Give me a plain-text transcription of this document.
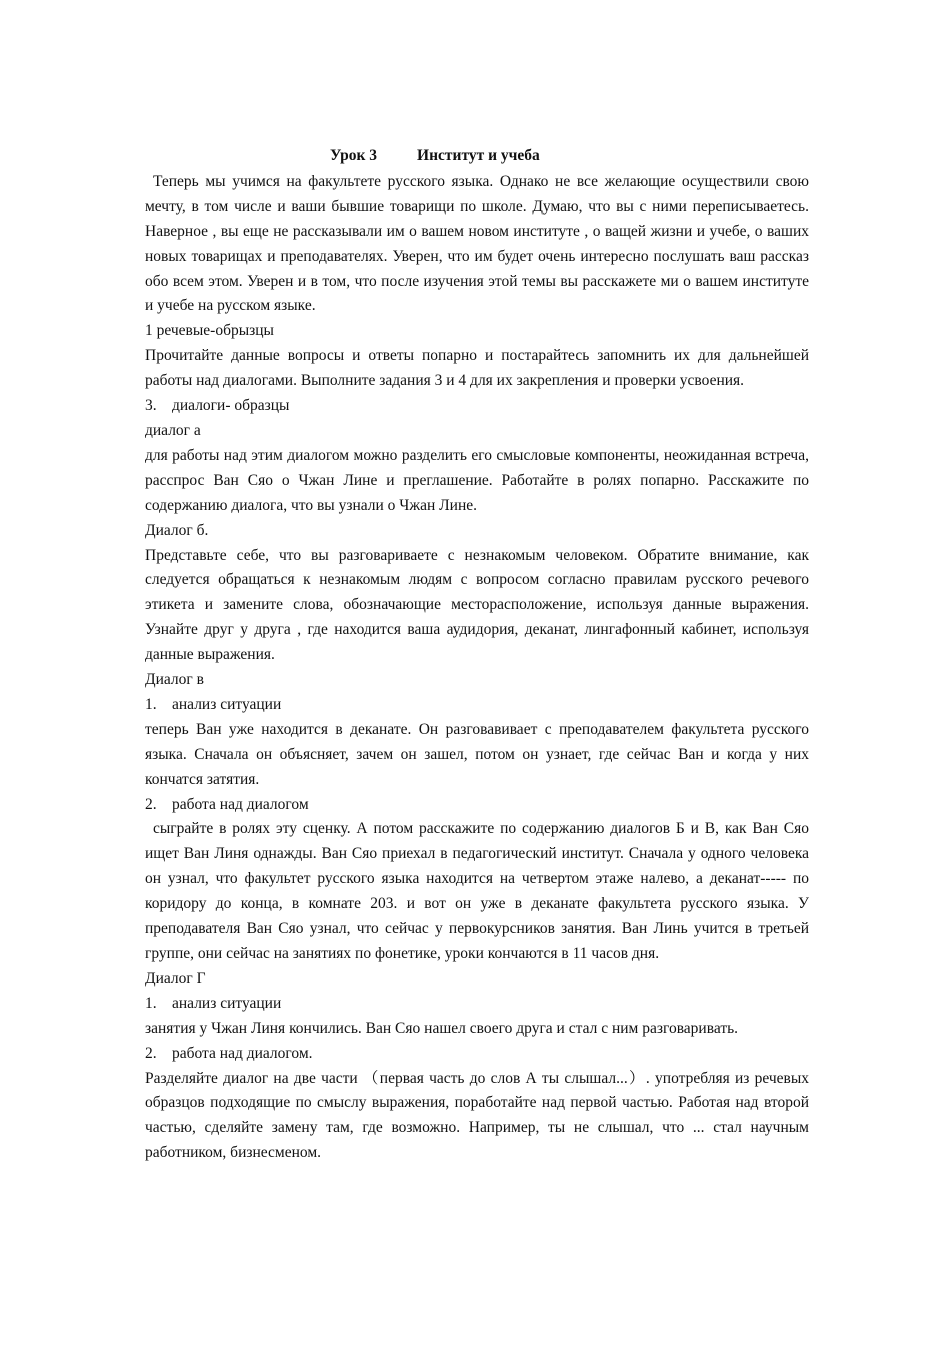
Урок 3	Институт и учеба

Теперь мы учимся на факультете русского языка. Однако не все желающие осуществили свою мечту, в том числе и ваши бывшие товарищи по школе. Думаю, что вы с ними переписываетесь. Наверное , вы еще не рассказывали им о вашем новом институте , о ващей жизни и учебе, о ваших новых товарищах и преподавателях. Уверен, что им будет очень интересно послушать ваш рассказ обо всем этом. Уверен и в том, что после изучения этой темы вы расскажете ми о вашем институте и учебе на русском языке.

1 речевые-обрызцы

Прочитайте данные вопросы и ответы попарно и постарайтесь запомнить их для дальнейшей работы над диалогами. Выполните задания 3 и 4 для их закрепления и проверки усвоения.

3. диалоги- образцы

диалог а

для работы над этим диалогом можно разделить его смысловые компоненты, неожиданная встреча, расспрос Ван Сяо о Чжан Лине и преглашение. Работайте в ролях попарно. Расскажите по содержанию диалога, что вы узнали о Чжан Лине.

Диалог б.

Представьте себе, что вы разговариваете с незнакомым человеком. Обратите внимание, как следуется обращаться к незнакомым людям с вопросом согласно правилам русского речевого этикета и замените слова, обозначающие месторасположение, используя данные выражения. Узнайте друг у друга , где находится ваша аудидория, деканат, лингафонный кабинет, используя данные выражения.

Диалог в

1. анализ ситуации

теперь Ван уже находится в деканате. Он разговавивает с преподавателем факультета русского языка. Сначала он объясняет, зачем он зашел, потом он узнает, где сейчас Ван и когда у них кончатся затятия.

2. работа над диалогом

сыграйте в ролях эту сценку. А потом расскажите по содержанию диалогов Б и В, как Ван Сяо ищет Ван Линя однажды. Ван Сяо приехал в педагогический институт. Сначала у одного человека он узнал, что факультет русского языка находится на четвертом этаже налево, а деканат----- по коридору до конца, в комнате 203. и вот он уже в деканате факультета русского языка. У преподавателя Ван Сяо узнал, что сейчас у первокурсников занятия. Ван Линь учится в третьей группе, они сейчас на занятиях по фонетике, уроки кончаются в 11 часов дня.

Диалог Г

1. анализ ситуации

занятия у Чжан Линя кончились. Ван Сяо нашел своего друга и стал с ним разговаривать.

2. работа над диалогом.

Разделяйте диалог на две части （первая часть до слов А ты слышал...）. употребляя из речевых образцов подходящие по смыслу выражения, поработайте над первой частью. Работая над второй частью, сделяйте замену там, где возможно. Например, ты не слышал, что ... стал научным работником, бизнесменом.
